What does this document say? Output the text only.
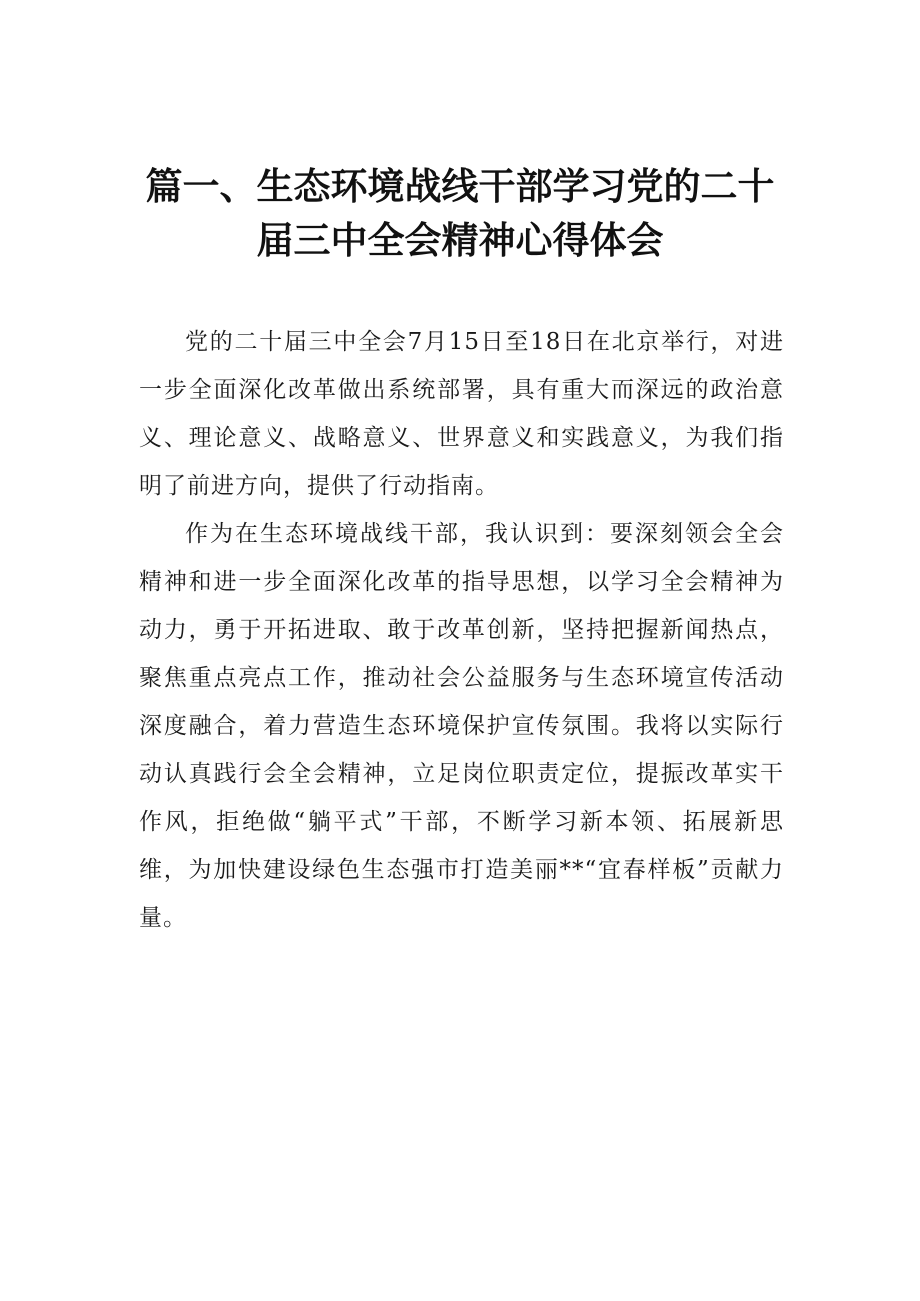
篇一、生态环境战线干部学习党的二十届三中全会精神心得体会

党的二十届三中全会7月15日至18日在北京举行，对进一步全面深化改革做出系统部署，具有重大而深远的政治意义、理论意义、战略意义、世界意义和实践意义，为我们指明了前进方向，提供了行动指南。

作为在生态环境战线干部，我认识到：要深刻领会全会精神和进一步全面深化改革的指导思想，以学习全会精神为动力，勇于开拓进取、敢于改革创新，坚持把握新闻热点，聚焦重点亮点工作，推动社会公益服务与生态环境宣传活动深度融合，着力营造生态环境保护宣传氛围。我将以实际行动认真践行会全会精神，立足岗位职责定位，提振改革实干作风，拒绝做“躺平式”干部，不断学习新本领、拓展新思维，为加快建设绿色生态强市打造美丽**“宜春样板”贡献力量。
